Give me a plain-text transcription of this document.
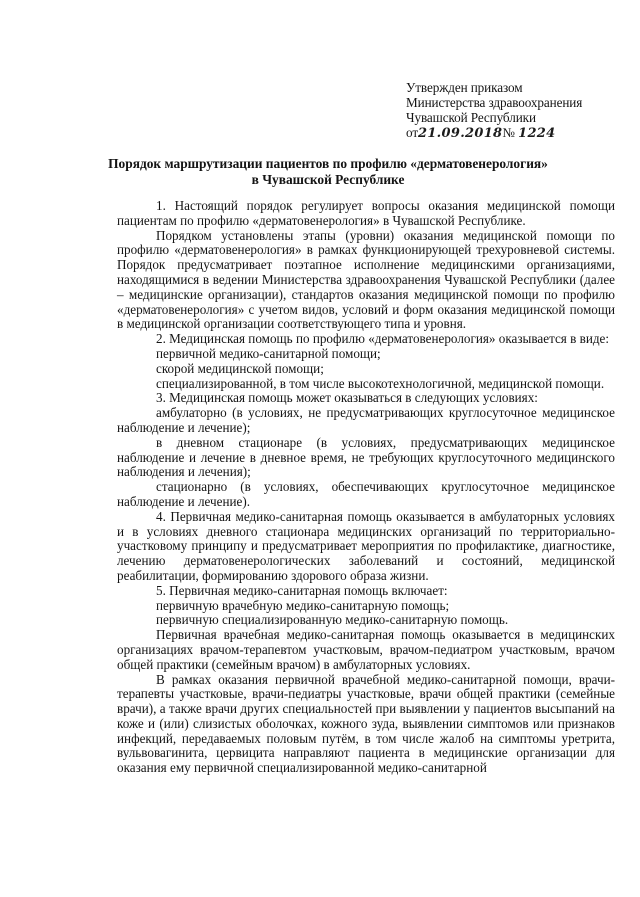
Утвержден приказом
Министерства здравоохранения
Чувашской Республики
от21.09.2018№ 1224
Порядок маршрутизации пациентов по профилю «дерматовенерология»
в Чувашской Республике

1. Настоящий порядок регулирует вопросы оказания медицинской помощи пациентам по профилю «дерматовенерология» в Чувашской Республике.

Порядком установлены этапы (уровни) оказания медицинской помощи по профилю «дерматовенерология» в рамках функционирующей трехуровневой системы. Порядок предусматривает поэтапное исполнение медицинскими организациями, находящимися в ведении Министерства здравоохранения Чувашской Республики (далее – медицинские организации), стандартов оказания медицинской помощи по профилю «дерматовенерология» с учетом видов, условий и форм оказания медицинской помощи в медицинской организации соответствующего типа и уровня.

2. Медицинская помощь по профилю «дерматовенерология» оказывается в виде:

первичной медико-санитарной помощи;

скорой медицинской помощи;

специализированной, в том числе высокотехнологичной, медицинской помощи.

3. Медицинская помощь может оказываться в следующих условиях:

амбулаторно (в условиях, не предусматривающих круглосуточное медицинское наблюдение и лечение);

в дневном стационаре (в условиях, предусматривающих медицинское наблюдение и лечение в дневное время, не требующих круглосуточного медицинского наблюдения и лечения);

стационарно (в условиях, обеспечивающих круглосуточное медицинское наблюдение и лечение).

4. Первичная медико-санитарная помощь оказывается в амбулаторных условиях и в условиях дневного стационара медицинских организаций по территориально-участковому принципу и предусматривает мероприятия по профилактике, диагностике, лечению дерматовенерологических заболеваний и состояний, медицинской реабилитации, формированию здорового образа жизни.

5. Первичная медико-санитарная помощь включает:

первичную врачебную медико-санитарную помощь;

первичную специализированную медико-санитарную помощь.

Первичная врачебная медико-санитарная помощь оказывается в медицинских организациях врачом-терапевтом участковым, врачом-педиатром участковым, врачом общей практики (семейным врачом) в амбулаторных условиях.

В рамках оказания первичной врачебной медико-санитарной помощи, врачи-терапевты участковые, врачи-педиатры участковые, врачи общей практики (семейные врачи), а также врачи других специальностей при выявлении у пациентов высыпаний на коже и (или) слизистых оболочках, кожного зуда, выявлении симптомов или признаков инфекций, передаваемых половым путём, в том числе жалоб на симптомы уретрита, вульвовагинита, цервицита направляют пациента в медицинские организации для оказания ему первичной специализированной медико-санитарной
